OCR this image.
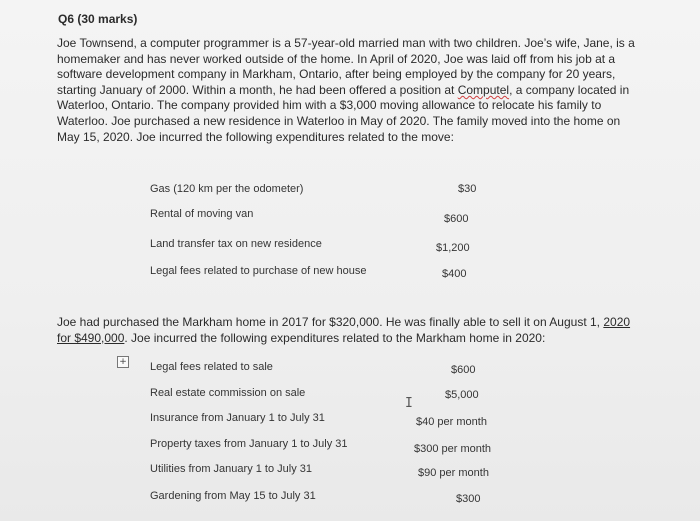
Q6 (30 marks)

Joe Townsend, a computer programmer is a 57-year-old married man with two children. Joe’s wife, Jane, is a homemaker and has never worked outside of the home. In April of 2020, Joe was laid off from his job at a software development company in Markham, Ontario, after being employed by the company for 20 years, starting January of 2000. Within a month, he had been offered a position at Computel, a company located in Waterloo, Ontario. The company provided him with a $3,000 moving allowance to relocate his family to Waterloo. Joe purchased a new residence in Waterloo in May of 2020. The family moved into the home on May 15, 2020. Joe incurred the following expenditures related to the move:

Gas (120 km per the odometer)	$30
Rental of moving van	$600
Land transfer tax on new residence	$1,200
Legal fees related to purchase of new house	$400

Joe had purchased the Markham home in 2017 for $320,000. He was finally able to sell it on August 1, 2020 for $490,000. Joe incurred the following expenditures related to the Markham home in 2020:

+ Legal fees related to sale	$600
Real estate commission on sale	$5,000
Insurance from January 1 to July 31	$40 per month
Property taxes from January 1 to July 31	$300 per month
Utilities from January 1 to July 31	$90 per month
Gardening from May 15 to July 31	$300
I
